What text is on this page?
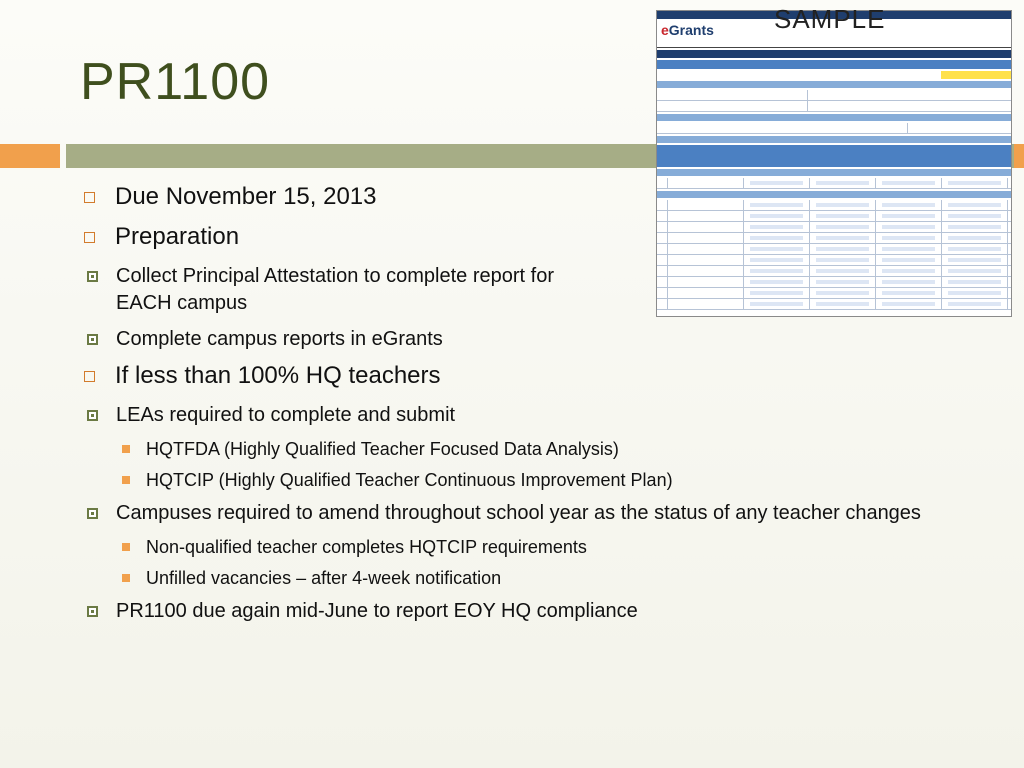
PR1100
eGrants SAMPLE
Due November 15, 2013
Preparation
Collect Principal Attestation to complete report for EACH campus
Complete campus reports in eGrants
If less than 100% HQ teachers
LEAs required to complete and submit
HQTFDA (Highly Qualified Teacher Focused Data Analysis)
HQTCIP (Highly Qualified Teacher Continuous Improvement Plan)
Campuses required to amend throughout school year as the status of any teacher changes
Non-qualified teacher completes HQTCIP requirements
Unfilled vacancies – after 4-week notification
PR1100 due again mid-June to report EOY HQ compliance
